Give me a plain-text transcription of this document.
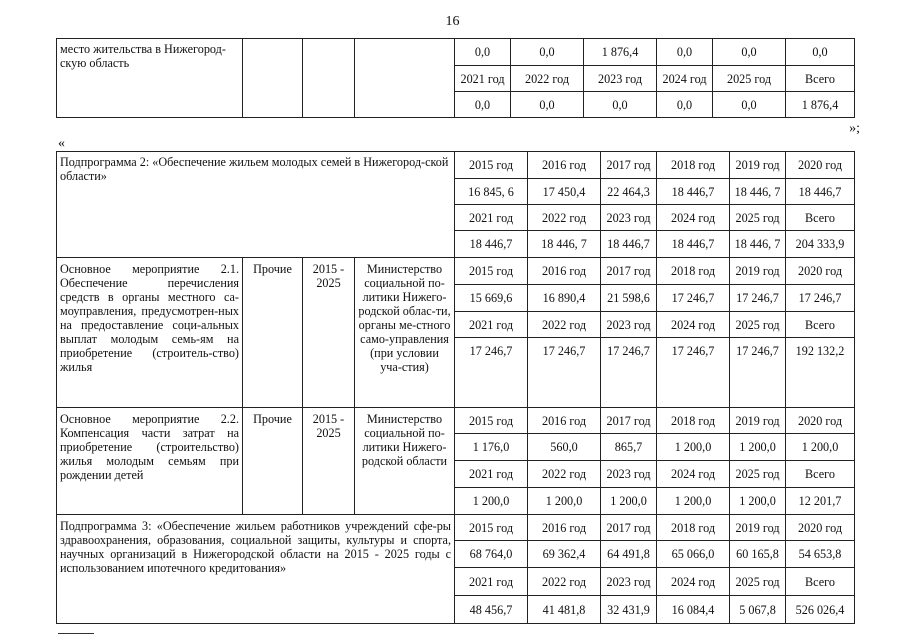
16
место жительства в Нижегород-скую область				0,0	0,0	1 876,4	0,0	0,0	0,0
				2021 год	2022 год	2023 год	2024 год	2025 год	Всего
				0,0	0,0	0,0	0,0	0,0	1 876,4
»;
«
Подпрограмма 2: «Обеспечение жильем молодых семей в Нижегород-ской области»				2015 год	2016 год	2017 год	2018 год	2019 год	2020 год
				16 845, 6	17 450,4	22 464,3	18 446,7	18 446, 7	18 446,7
				2021 год	2022 год	2023 год	2024 год	2025 год	Всего
				18 446,7	18 446, 7	18 446,7	18 446,7	18 446, 7	204 333,9
Основное мероприятие 2.1. Обеспечение перечисления средств в органы местного са-моуправления, предусмотрен-ных на предоставление соци-альных выплат молодым семь-ям на приобретение (строитель-ство) жилья	Прочие	2015 - 2025	Министерство социальной по-литики Нижего-родской облас-ти, органы ме-стного само-управления (при условии уча-стия)	2015 год	2016 год	2017 год	2018 год	2019 год	2020 год
				15 669,6	16 890,4	21 598,6	17 246,7	17 246,7	17 246,7
				2021 год	2022 год	2023 год	2024 год	2025 год	Всего
				17 246,7	17 246,7	17 246,7	17 246,7	17 246,7	192 132,2

Основное мероприятие 2.2. Компенсация части затрат на приобретение (строительство) жилья молодым семьям при рождении детей	Прочие	2015 - 2025	Министерство социальной по-литики Нижего-родской области	2015 год	2016 год	2017 год	2018 год	2019 год	2020 год
				1 176,0	560,0	865,7	1 200,0	1 200,0	1 200,0
				2021 год	2022 год	2023 год	2024 год	2025 год	Всего
				1 200,0	1 200,0	1 200,0	1 200,0	1 200,0	12 201,7
Подпрограмма 3: «Обеспечение жильем работников учреждений сфе-ры здравоохранения, образования, социальной защиты, культуры и спорта, научных организаций в Нижегородской области на 2015 - 2025 годы с использованием ипотечного кредитования»				2015 год	2016 год	2017 год	2018 год	2019 год	2020 год
				68 764,0	69 362,4	64 491,8	65 066,0	60 165,8	54 653,8
				2021 год	2022 год	2023 год	2024 год	2025 год	Всего
				48 456,7	41 481,8	32 431,9	16 084,4	5 067,8	526 026,4
